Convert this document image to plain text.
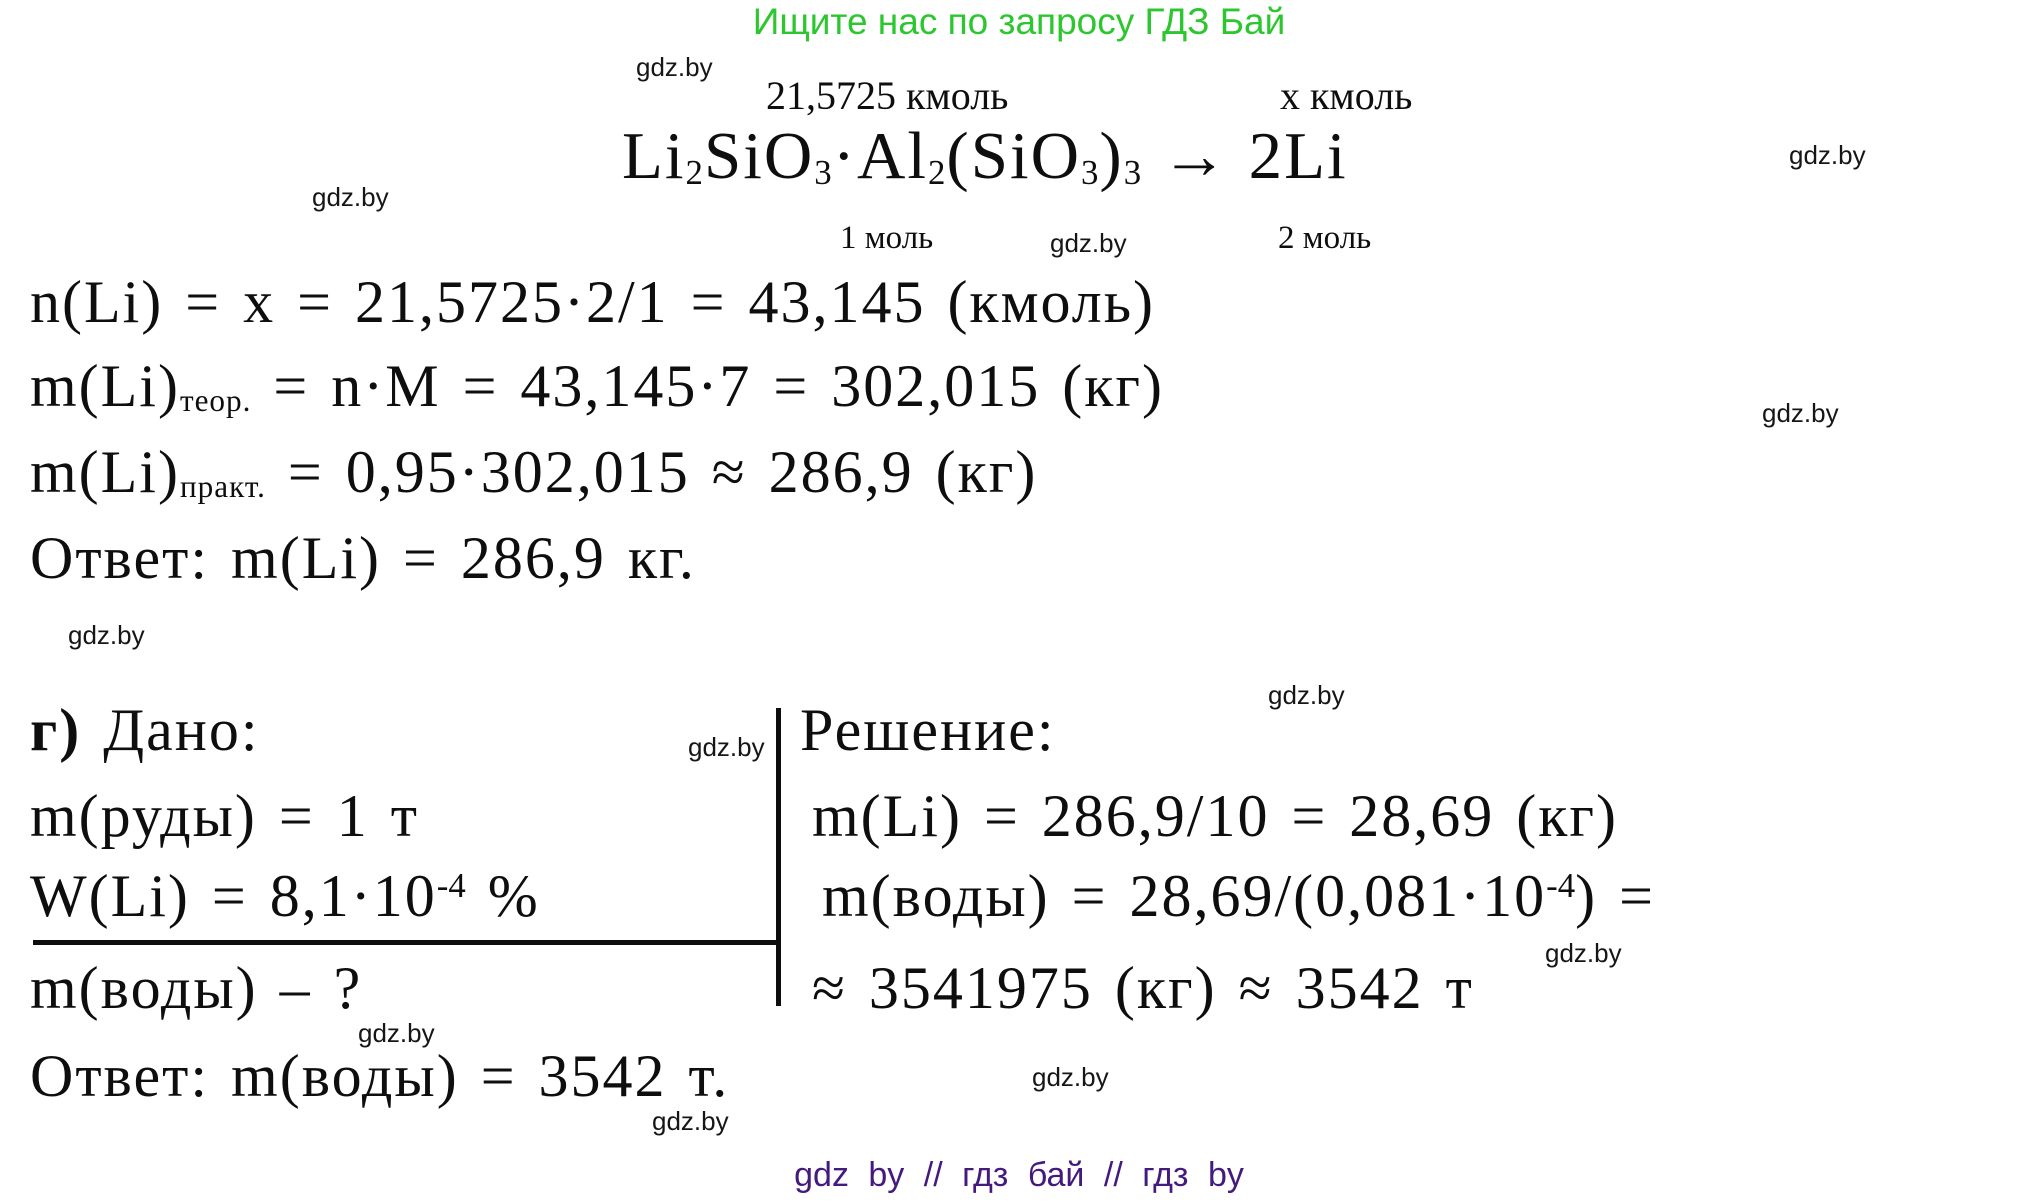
Ищите нас по запросу ГДЗ Бай
gdz.by
gdz.by
gdz.by
gdz.by
gdz.by
gdz.by
gdz.by
gdz.by
gdz.by
gdz.by
gdz.by
gdz.by
21,5725 кмоль	х кмоль
$Li_2SiO_3\cdot Al_2(SiO_3)_3 \to 2Li$
1 моль	2 моль
n(Li) = x = 21,5725·2/1 = 43,145 (кмоль)
$m(Li)_{теор.} = n\cdot M = 43,145\cdot 7 = 302,015$ (кг)
$m(Li)_{практ.} = 0,95\cdot 302,015 \approx 286,9$ (кг)
Ответ: m(Li) = 286,9 кг.
г) Дано:	Решение:
m(руды) = 1 т	m(Li) = 286,9/10 = 28,69 (кг)
$W(Li) = 8,1\cdot 10^{-4}$ %	m(воды) = $28,69/(0,081\cdot 10^{-4})$ =
m(воды) – ?	≈ 3541975 (кг) ≈ 3542 т
Ответ: m(воды) = 3542 т.
gdz by // гдз бай // гдз by
